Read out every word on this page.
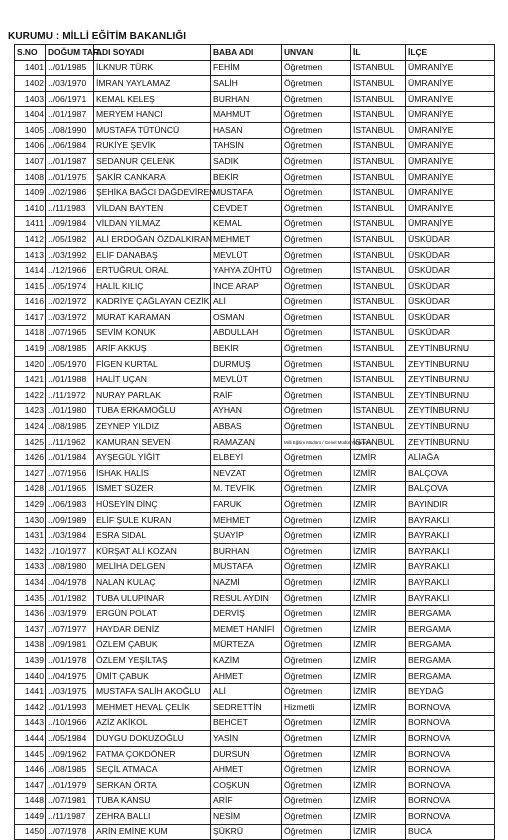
KURUMU : MİLLİ EĞİTİM BAKANLIĞI
S.NO	DOĞUM TAR.	ADI SOYADI	BABA ADI	UNVAN	İL	İLÇE
1401	../01/1985	İLKNUR TÜRK	FEHİM	Öğretmen	İSTANBUL	ÜMRANİYE
1402	../03/1970	İMRAN YAYLAMAZ	SALİH	Öğretmen	İSTANBUL	ÜMRANİYE
1403	../06/1971	KEMAL KELEŞ	BURHAN	Öğretmen	İSTANBUL	ÜMRANİYE
1404	../01/1987	MERYEM HANCI	MAHMUT	Öğretmen	İSTANBUL	ÜMRANİYE
1405	../08/1990	MUSTAFA TÜTÜNCÜ	HASAN	Öğretmen	İSTANBUL	ÜMRANİYE
1406	../06/1984	RUKİYE ŞEVİK	TAHSİN	Öğretmen	İSTANBUL	ÜMRANİYE
1407	../01/1987	SEDANUR ÇELENK	SADIK	Öğretmen	İSTANBUL	ÜMRANİYE
1408	../01/1975	ŞAKİR CANKARA	BEKİR	Öğretmen	İSTANBUL	ÜMRANİYE
1409	../02/1986	ŞEHİKA BAĞCI DAĞDEVİREN	MUSTAFA	Öğretmen	İSTANBUL	ÜMRANİYE
1410	../11/1983	VİLDAN BAYTEN	CEVDET	Öğretmen	İSTANBUL	ÜMRANİYE
1411	../09/1984	VİLDAN YILMAZ	KEMAL	Öğretmen	İSTANBUL	ÜMRANİYE
1412	../05/1982	ALİ ERDOĞAN ÖZDALKIRAN	MEHMET	Öğretmen	İSTANBUL	ÜSKÜDAR
1413	../03/1992	ELİF DANABAŞ	MEVLÜT	Öğretmen	İSTANBUL	ÜSKÜDAR
1414	../12/1966	ERTUĞRUL ORAL	YAHYA ZÜHTÜ	Öğretmen	İSTANBUL	ÜSKÜDAR
1415	../05/1974	HALİL KILIÇ	İNCE ARAP	Öğretmen	İSTANBUL	ÜSKÜDAR
1416	../02/1972	KADRİYE ÇAĞLAYAN CEZİK	ALİ	Öğretmen	İSTANBUL	ÜSKÜDAR
1417	../03/1972	MURAT KARAMAN	OSMAN	Öğretmen	İSTANBUL	ÜSKÜDAR
1418	../07/1965	SEVİM KONUK	ABDULLAH	Öğretmen	İSTANBUL	ÜSKÜDAR
1419	../08/1985	ARİF AKKUŞ	BEKİR	Öğretmen	İSTANBUL	ZEYTİNBURNU
1420	../05/1970	FİGEN KURTAL	DURMUŞ	Öğretmen	İSTANBUL	ZEYTİNBURNU
1421	../01/1988	HALİT UÇAN	MEVLÜT	Öğretmen	İSTANBUL	ZEYTİNBURNU
1422	../11/1972	NURAY PARLAK	RAİF	Öğretmen	İSTANBUL	ZEYTİNBURNU
1423	../01/1980	TUBA ERKAMOĞLU	AYHAN	Öğretmen	İSTANBUL	ZEYTİNBURNU
1424	../08/1985	ZEYNEP YILDIZ	ABBAS	Öğretmen	İSTANBUL	ZEYTİNBURNU
1425	../11/1962	KAMURAN SEVEN	RAMAZAN	Milli Eğitim Müdürü / Genel Müdür Yardımcısı	İSTANBUL	ZEYTİNBURNU
1426	../01/1984	AYŞEGÜL YİĞİT	ELBEYİ	Öğretmen	İZMİR	ALİAĞA
1427	../07/1956	İSHAK HALİS	NEVZAT	Öğretmen	İZMİR	BALÇOVA
1428	../01/1965	İSMET SÜZER	M. TEVFİK	Öğretmen	İZMİR	BALÇOVA
1429	../06/1983	HÜSEYİN DİNÇ	FARUK	Öğretmen	İZMİR	BAYINDIR
1430	../09/1989	ELİF ŞULE KURAN	MEHMET	Öğretmen	İZMİR	BAYRAKLI
1431	../03/1984	ESRA SIDAL	ŞUAYİP	Öğretmen	İZMİR	BAYRAKLI
1432	../10/1977	KÜRŞAT ALİ KOZAN	BURHAN	Öğretmen	İZMİR	BAYRAKLI
1433	../08/1980	MELİHA DELGEN	MUSTAFA	Öğretmen	İZMİR	BAYRAKLI
1434	../04/1978	NALAN KULAÇ	NAZMİ	Öğretmen	İZMİR	BAYRAKLI
1435	../01/1982	TUBA ULUPINAR	RESUL AYDIN	Öğretmen	İZMİR	BAYRAKLI
1436	../03/1979	ERGÜN POLAT	DERVİŞ	Öğretmen	İZMİR	BERGAMA
1437	../07/1977	HAYDAR DENİZ	MEMET HANİFİ	Öğretmen	İZMİR	BERGAMA
1438	../09/1981	ÖZLEM ÇABUK	MÜRTEZA	Öğretmen	İZMİR	BERGAMA
1439	../01/1978	ÖZLEM YEŞİLTAŞ	KAZİM	Öğretmen	İZMİR	BERGAMA
1440	../04/1975	ÜMİT ÇABUK	AHMET	Öğretmen	İZMİR	BERGAMA
1441	../03/1975	MUSTAFA SALİH AKOĞLU	ALİ	Öğretmen	İZMİR	BEYDAĞ
1442	../01/1993	MEHMET HEVAL ÇELİK	SEDRETTİN	Hizmetli	İZMİR	BORNOVA
1443	../10/1966	AZİZ AKİKOL	BEHCET	Öğretmen	İZMİR	BORNOVA
1444	../05/1984	DUYGU DOKUZOĞLU	YASİN	Öğretmen	İZMİR	BORNOVA
1445	../09/1962	FATMA ÇOKDÖNER	DURSUN	Öğretmen	İZMİR	BORNOVA
1446	../08/1985	SEÇİL ATMACA	AHMET	Öğretmen	İZMİR	BORNOVA
1447	../01/1979	SERKAN ÖRTA	COŞKUN	Öğretmen	İZMİR	BORNOVA
1448	../07/1981	TUBA KANSU	ARİF	Öğretmen	İZMİR	BORNOVA
1449	../11/1987	ZEHRA BALLI	NESİM	Öğretmen	İZMİR	BORNOVA
1450	../07/1978	ARİN EMİNE KUM	ŞÜKRÜ	Öğretmen	İZMİR	BUCA
